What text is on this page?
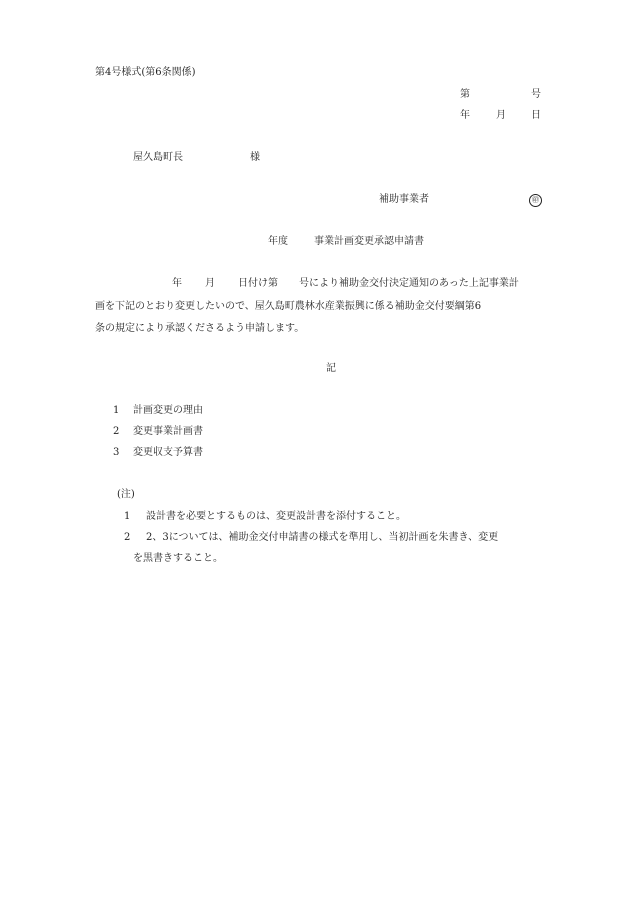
第4号様式(第6条関係)
第	号
年	月	日
屋久島町長	様
補助事業者	㊞
年度	事業計画変更承認申請書
年 月 日付け第 号により補助金交付決定通知のあった上記事業計
画を下記のとおり変更したいので、屋久島町農林水産業振興に係る補助金交付要綱第6
条の規定により承認くださるよう申請します。
記
1 計画変更の理由
2 変更事業計画書
3 変更収支予算書
(注)
1 設計書を必要とするものは、変更設計書を添付すること。
2 2、3については、補助金交付申請書の様式を準用し、当初計画を朱書き、変更
を黒書きすること。
